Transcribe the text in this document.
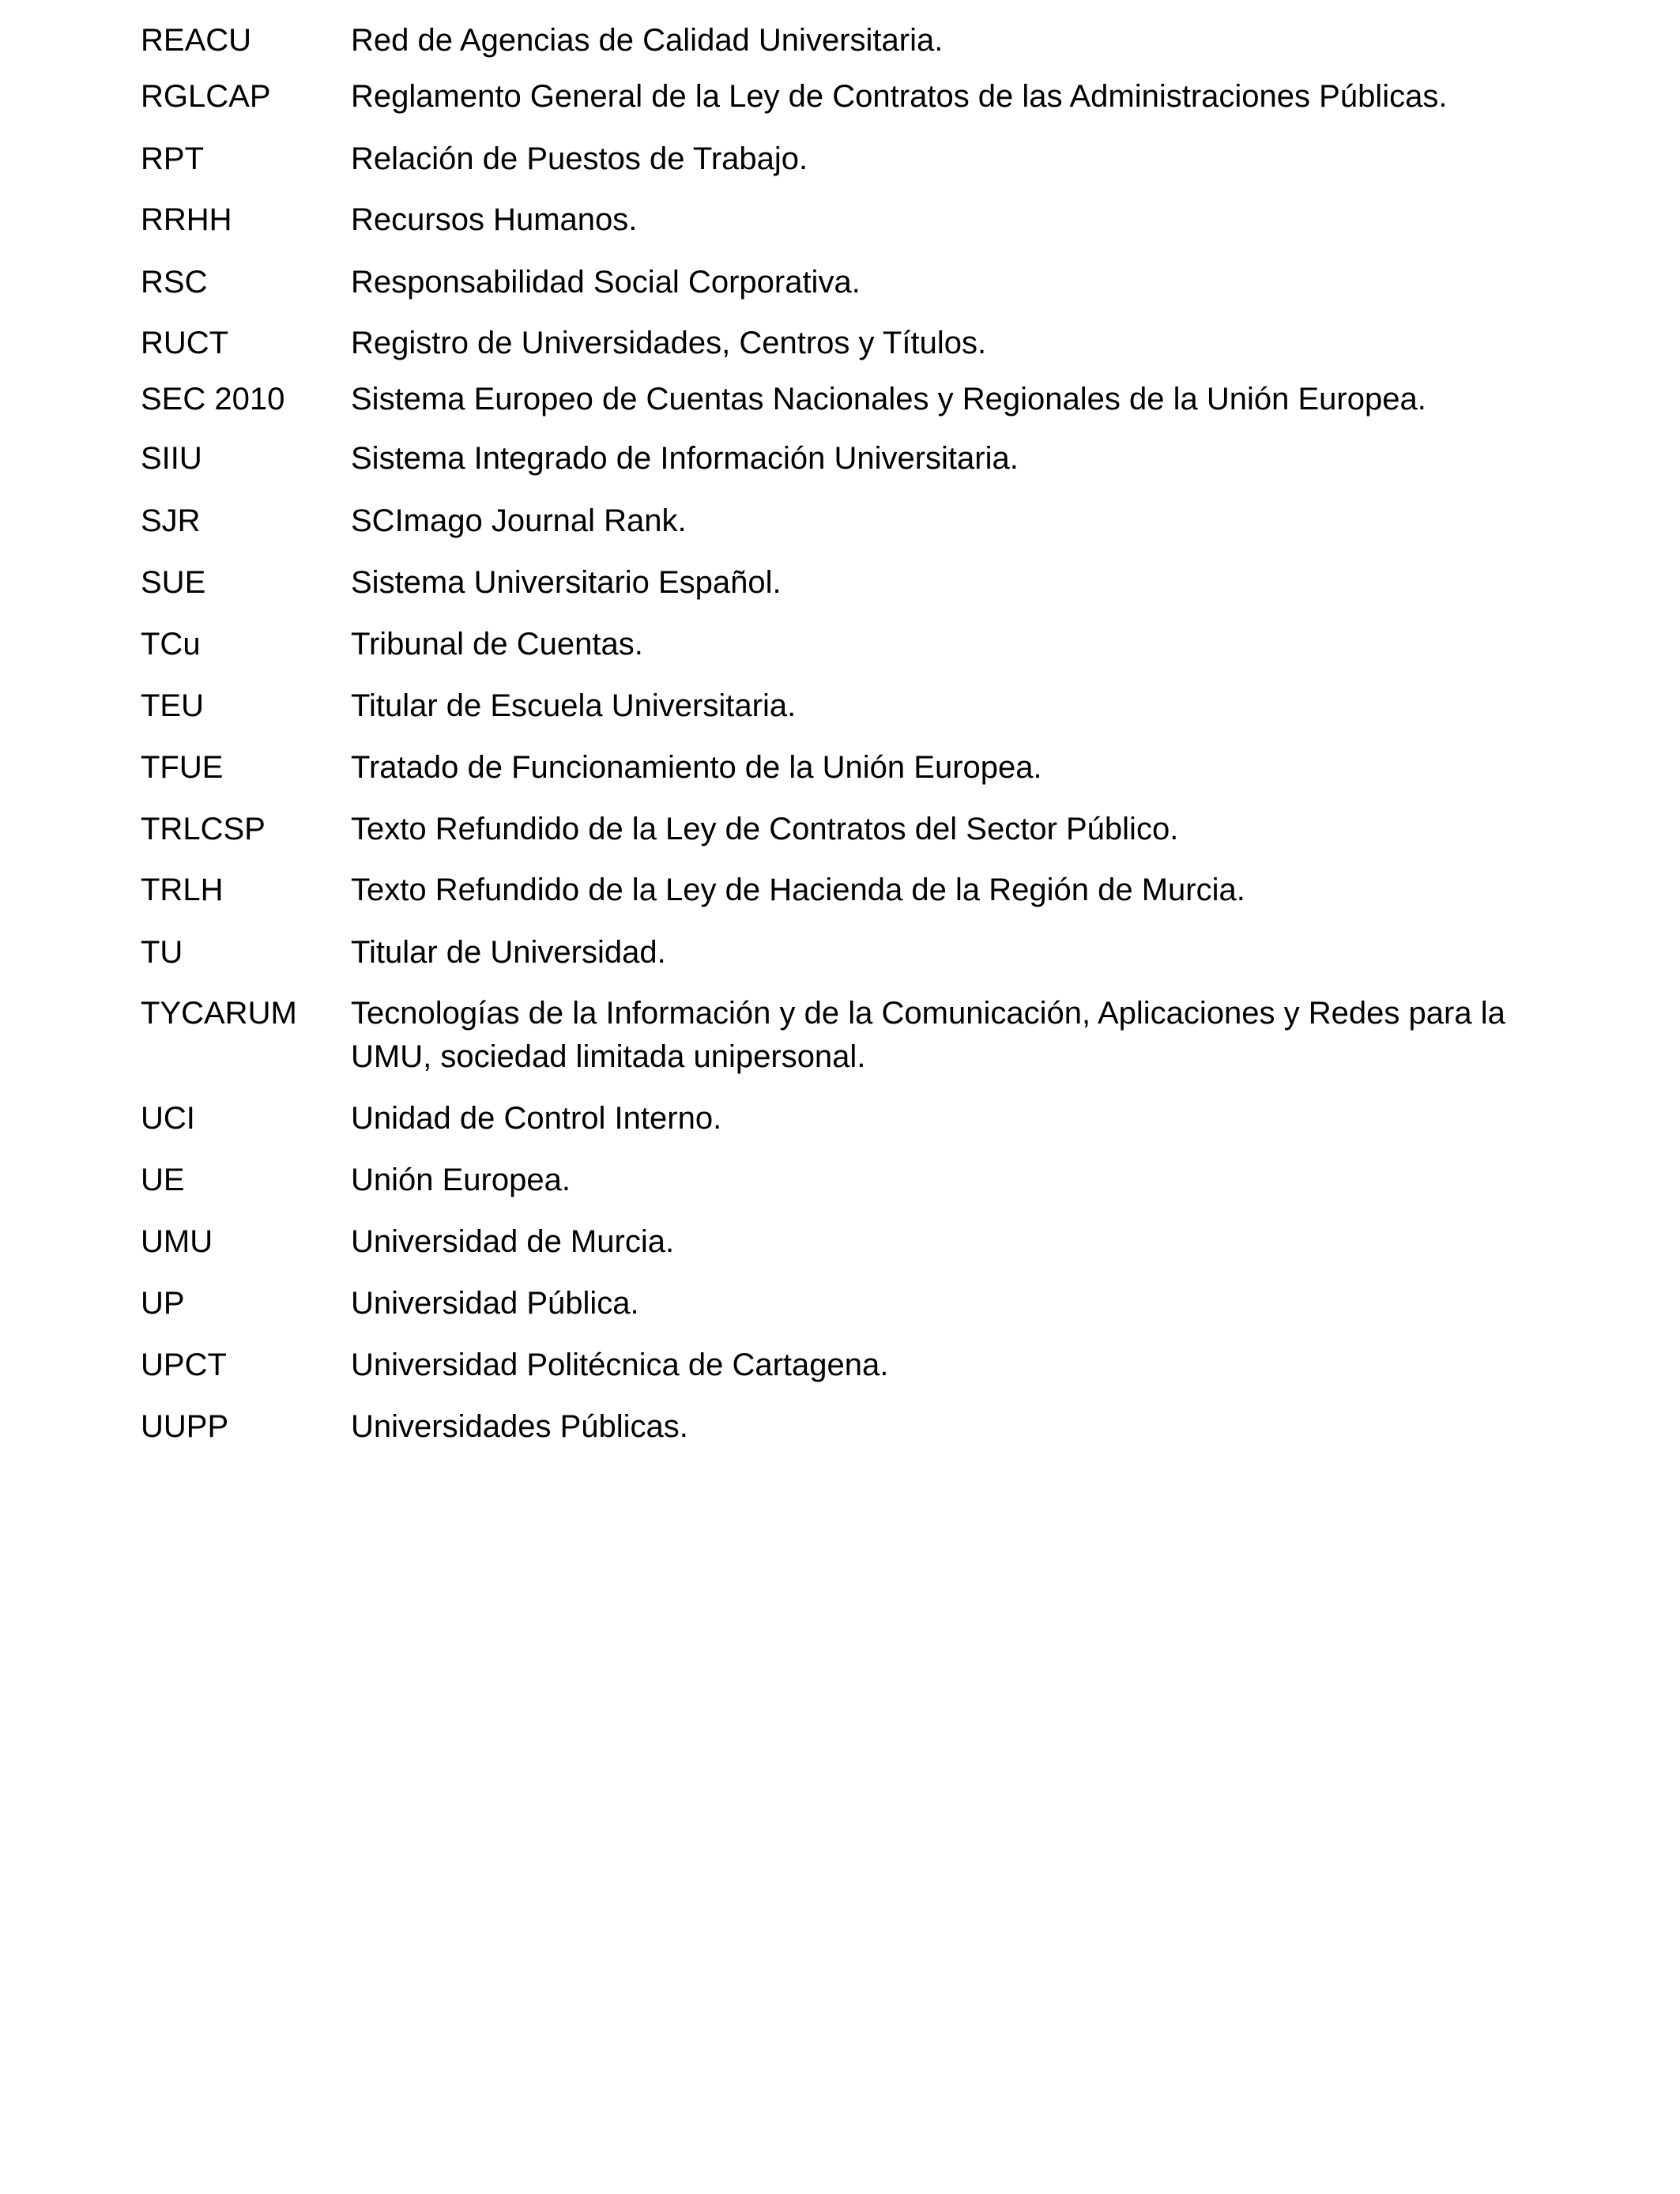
REACU	Red de Agencias de Calidad Universitaria.
RGLCAP	Reglamento General de la Ley de Contratos de las Administraciones Públicas.
RPT	Relación de Puestos de Trabajo.
RRHH	Recursos Humanos.
RSC	Responsabilidad Social Corporativa.
RUCT	Registro de Universidades, Centros y Títulos.
SEC 2010	Sistema Europeo de Cuentas Nacionales y Regionales de la Unión Europea.
SIIU	Sistema Integrado de Información Universitaria.
SJR	SCImago Journal Rank.
SUE	Sistema Universitario Español.
TCu	Tribunal de Cuentas.
TEU	Titular de Escuela Universitaria.
TFUE	Tratado de Funcionamiento de la Unión Europea.
TRLCSP	Texto Refundido de la Ley de Contratos del Sector Público.
TRLH	Texto Refundido de la Ley de Hacienda de la Región de Murcia.
TU	Titular de Universidad.
TYCARUM	Tecnologías de la Información y de la Comunicación, Aplicaciones y Redes para la UMU, sociedad limitada unipersonal.
UCI	Unidad de Control Interno.
UE	Unión Europea.
UMU	Universidad de Murcia.
UP	Universidad Pública.
UPCT	Universidad Politécnica de Cartagena.
UUPP	Universidades Públicas.
